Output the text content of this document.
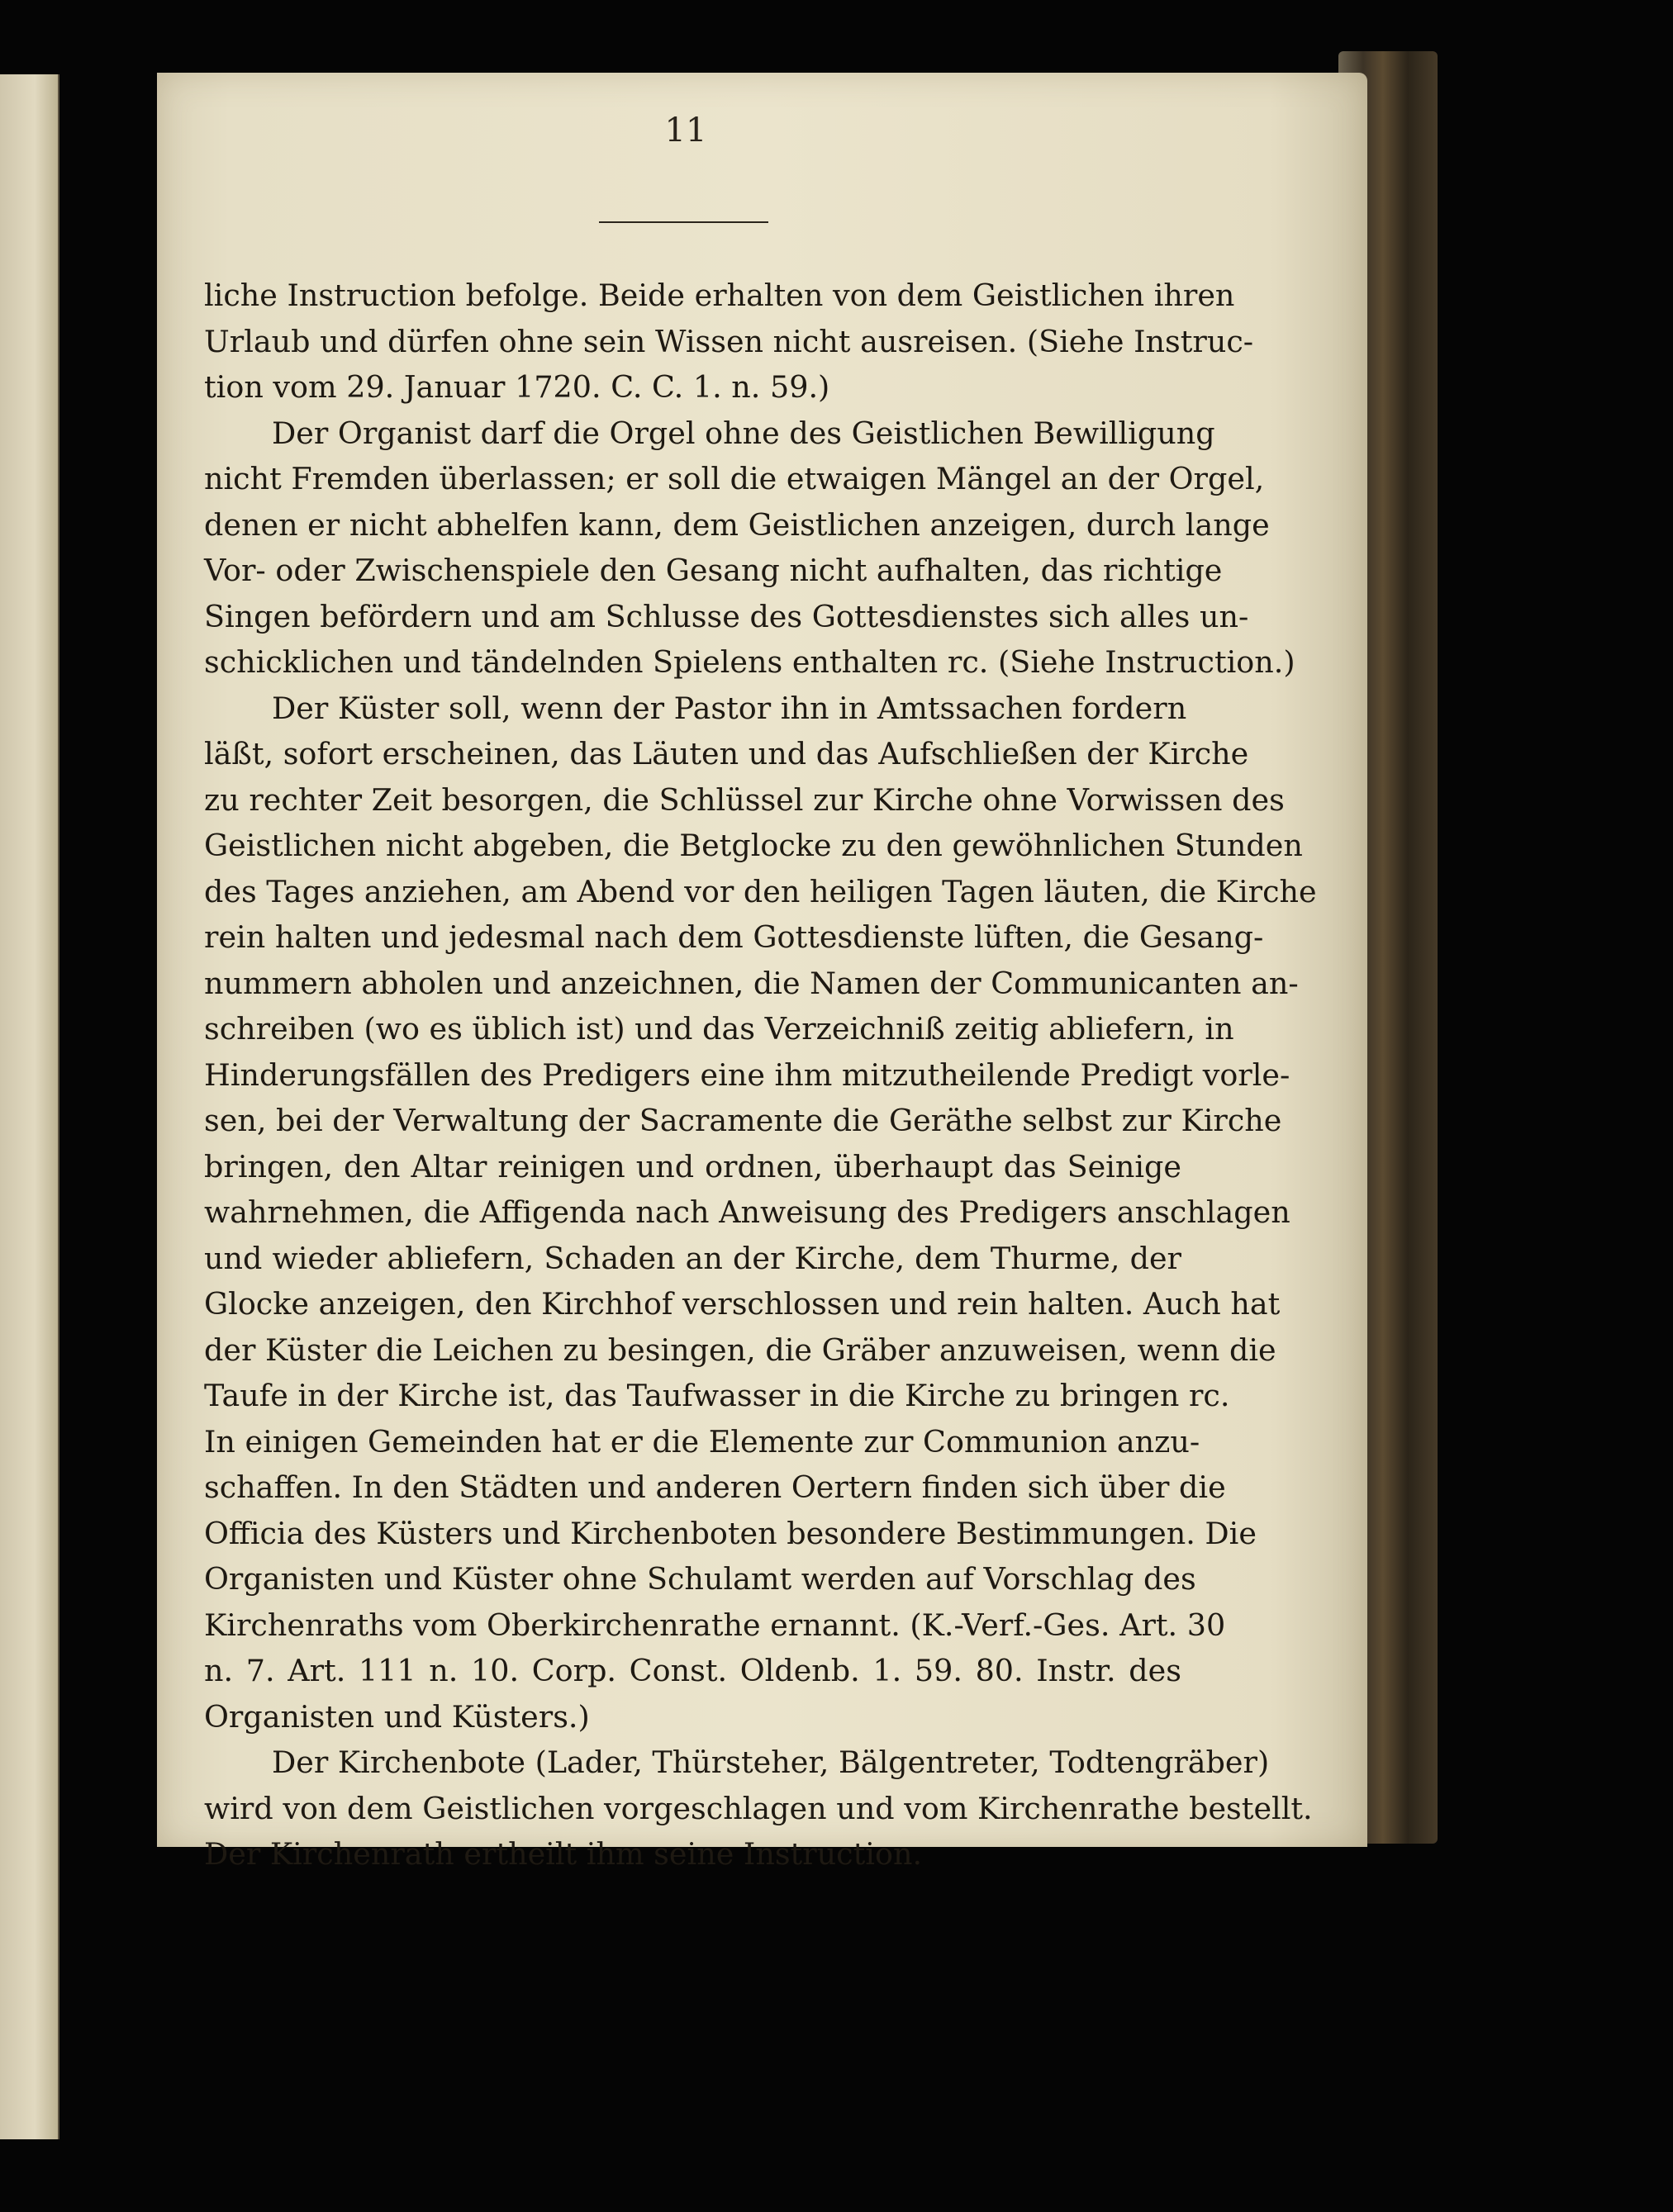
11
liche Instruction befolge. Beide erhalten von dem Geistlichen ihren
Urlaub und dürfen ohne sein Wissen nicht ausreisen. (Siehe Instruc-
tion vom 29. Januar 1720. C. C. 1. n. 59.)
Der Organist darf die Orgel ohne des Geistlichen Bewilligung
nicht Fremden überlassen; er soll die etwaigen Mängel an der Orgel,
denen er nicht abhelfen kann, dem Geistlichen anzeigen, durch lange
Vor- oder Zwischenspiele den Gesang nicht aufhalten, das richtige
Singen befördern und am Schlusse des Gottesdienstes sich alles un-
schicklichen und tändelnden Spielens enthalten rc. (Siehe Instruction.)
Der Küster soll, wenn der Pastor ihn in Amtssachen fordern
läßt, sofort erscheinen, das Läuten und das Aufschließen der Kirche
zu rechter Zeit besorgen, die Schlüssel zur Kirche ohne Vorwissen des
Geistlichen nicht abgeben, die Betglocke zu den gewöhnlichen Stunden
des Tages anziehen, am Abend vor den heiligen Tagen läuten, die Kirche
rein halten und jedesmal nach dem Gottesdienste lüften, die Gesang-
nummern abholen und anzeichnen, die Namen der Communicanten an-
schreiben (wo es üblich ist) und das Verzeichniß zeitig abliefern, in
Hinderungsfällen des Predigers eine ihm mitzutheilende Predigt vorle-
sen, bei der Verwaltung der Sacramente die Geräthe selbst zur Kirche
bringen, den Altar reinigen und ordnen, überhaupt das Seinige
wahrnehmen, die Affigenda nach Anweisung des Predigers anschlagen
und wieder abliefern, Schaden an der Kirche, dem Thurme, der
Glocke anzeigen, den Kirchhof verschlossen und rein halten. Auch hat
der Küster die Leichen zu besingen, die Gräber anzuweisen, wenn die
Taufe in der Kirche ist, das Taufwasser in die Kirche zu bringen rc.
In einigen Gemeinden hat er die Elemente zur Communion anzu-
schaffen. In den Städten und anderen Oertern finden sich über die
Officia des Küsters und Kirchenboten besondere Bestimmungen. Die
Organisten und Küster ohne Schulamt werden auf Vorschlag des
Kirchenraths vom Oberkirchenrathe ernannt. (K.-Verf.-Ges. Art. 30
n. 7. Art. 111 n. 10. Corp. Const. Oldenb. 1. 59. 80. Instr. des
Organisten und Küsters.)
Der Kirchenbote (Lader, Thürsteher, Bälgentreter, Todtengräber)
wird von dem Geistlichen vorgeschlagen und vom Kirchenrathe bestellt.
Der Kirchenrath ertheilt ihm seine Instruction.
